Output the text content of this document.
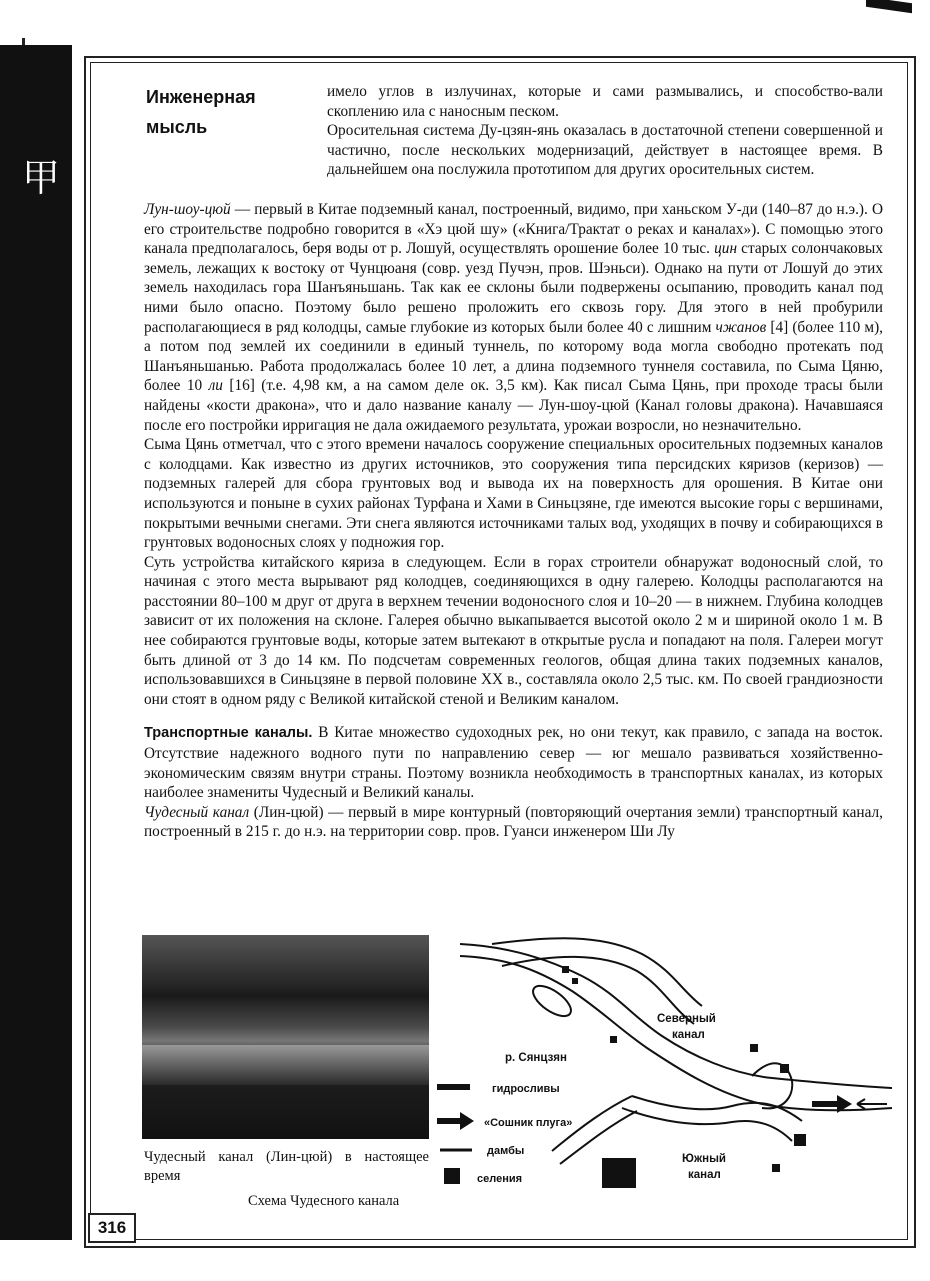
甲
Инженерная
мысль

имело углов в излучинах, которые и сами размывались, и способство-вали скоплению ила с наносным песком.

Оросительная система Ду-цзян-янь оказалась в достаточной степени совершенной и частично, после нескольких модернизаций, действует в настоящее время. В дальнейшем она послужила прототипом для других оросительных систем.

Лун-шоу-цюй — первый в Китае подземный канал, построенный, видимо, при ханьском У-ди (140–87 до н.э.). О его строительстве подробно говорится в «Хэ цюй шу» («Книга/Трактат о реках и каналах»). С помощью этого канала предполагалось, беря воды от р. Лошуй, осуществлять орошение более 10 тыс. цин старых солончаковых земель, лежащих к востоку от Чунцюаня (совр. уезд Пучэн, пров. Шэньси). Однако на пути от Лошуй до этих земель находилась гора Шанъяньшань. Так как ее склоны были подвержены осыпанию, проводить канал под ними было опасно. Поэтому было решено проложить его сквозь гору. Для этого в ней пробурили располагающиеся в ряд колодцы, самые глубокие из которых были более 40 с лишним чжанов [4] (более 110 м), а потом под землей их соединили в единый туннель, по которому вода могла свободно протекать под Шанъяньшанью. Работа продолжалась более 10 лет, а длина подземного туннеля составила, по Сыма Цяню, более 10 ли [16] (т.е. 4,98 км, а на самом деле ок. 3,5 км). Как писал Сыма Цянь, при проходе трасы были найдены «кости дракона», что и дало название каналу — Лун-шоу-цюй (Канал головы дракона). Начавшаяся после его постройки ирригация не дала ожидаемого результата, урожаи возросли, но незначительно.

Сыма Цянь отметчал, что с этого времени началось сооружение специальных оросительных подземных каналов с колодцами. Как известно из других источников, это сооружения типа персидских кяризов (керизов) — подземных галерей для сбора грунтовых вод и вывода их на поверхность для орошения. В Китае они используются и поныне в сухих районах Турфана и Хами в Синьцзяне, где имеются высокие горы с вершинами, покрытыми вечными снегами. Эти снега являются источниками талых вод, уходящих в почву и собирающихся в грунтовых водоносных слоях у подножия гор.

Суть устройства китайского кяриза в следующем. Если в горах строители обнаружат водоносный слой, то начиная с этого места вырывают ряд колодцев, соединяющихся в одну галерею. Колодцы располагаются на расстоянии 80–100 м друг от друга в верхнем течении водоносного слоя и 10–20 — в нижнем. Глубина колодцев зависит от их положения на склоне. Галерея обычно выкапывается высотой около 2 м и шириной около 1 м. В нее собираются грунтовые воды, которые затем вытекают в открытые русла и попадают на поля. Галереи могут быть длиной от 3 до 14 км. По подсчетам современных геологов, общая длина таких подземных каналов, использовавшихся в Синьцзяне в первой половине XX в., составляла около 2,5 тыс. км. По своей грандиозности они стоят в одном ряду с Великой китайской стеной и Великим каналом.

Транспортные каналы. В Китае множество судоходных рек, но они текут, как правило, с запада на восток. Отсутствие надежного водного пути по направлению север — юг мешало развиваться хозяйственно-экономическим связям внутри страны. Поэтому возникла необходимость в транспортных каналах, из которых наиболее знамениты Чудесный и Великий каналы.

Чудесный канал (Лин-цюй) — первый в мире контурный (повторяющий очертания земли) транспортный канал, построенный в 215 г. до н.э. на территории совр. пров. Гуанси инженером Ши Лу

Чудесный канал (Лин-цюй) в настоящее время
Схема Чудесного канала
Северный
канал
р. Сянцзян
гидросливы
«Сошник плуга»
дамбы
селения
Южный
канал
316
